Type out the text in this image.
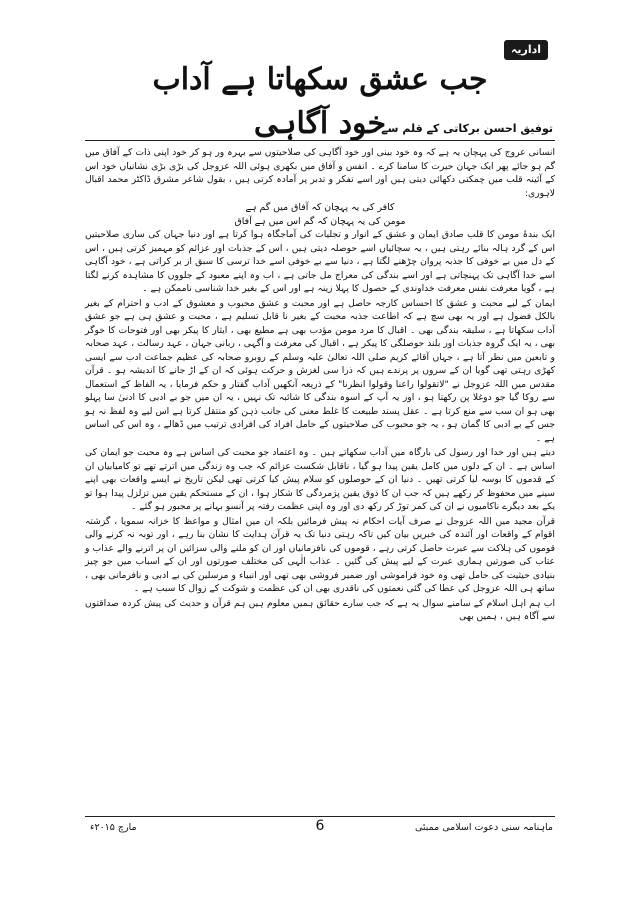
اداریہ
جب عشق سکھاتا ہے آداب خود آگاہی
توفیق احسن برکاتی کے قلم سے

انسانی عروج کی پہچان یہ ہے کہ وہ خود بینی اور خود آگاہی کی صلاحیتوں سے بہرہ ور ہو کر خود اپنی ذات کے آفاق میں گم ہو جائے پھر ایک جہان حیرت کا سامنا کرے ۔ انفس و آفاق میں بکھری ہوئی اللہ عزوجل کی بڑی بڑی نشانیاں خود اس کے آئینہ قلب میں چمکتی دکھائی دیتی ہیں اور اسے تفکر و تدبر پر آمادہ کرتی ہیں ، بقول شاعر مشرق ڈاکٹر محمد اقبال لاہوری:

کافر کی یہ پہچان کہ آفاق میں گم ہے

مومن کی یہ پہچان کہ گم اس میں ہے آفاق

ایک بندۂ مومن کا قلب صادق ایمان و عشق کے انوار و تجلیات کی آماجگاہ ہوا کرتا ہے اور دنیا جہان کی ساری صلاحیتیں اس کے گرد ہالہ بنائے رہتی ہیں ، یہ سچائیاں اسے حوصلہ دیتی ہیں ، اس کے جذبات اور عزائم کو مہمیز کرتی ہیں ، اس کے دل میں بے خوفی کا جذبہ پروان چڑھنے لگتا ہے ، دنیا سے بے خوفی اسے خدا ترسی کا سبق از بر کراتی ہے ، خود آگاہی اسے خدا آگاہی تک پہنچاتی ہے اور اسے بندگی کی معراج مل جاتی ہے ، اب وہ اپنے معبود کے جلووں کا مشاہدہ کرنے لگتا ہے ، گویا معرفت نفس معرفت خداوندی کے حصول کا پہلا زینہ ہے اور اس کے بغیر خدا شناسی ناممکن ہے ۔

ایمان کے لیے محبت و عشق کا احساس کارجہ حاصل ہے اور محبت و عشق محبوب و معشوق کے ادب و احترام کے بغیر بالکل فضول ہے اور یہ بھی سچ ہے کہ اطاعت جذبہ محبت کے بغیر نا قابل تسلیم ہے ، محبت و عشق ہی ہے جو عشق آداب سکھاتا ہے ، سلیقہ بندگی بھی ۔ اقبال کا مرد مومن مؤدب بھی ہے مطیع بھی ، ایثار کا پیکر بھی اور فتوحات کا خوگر بھی ، یہ ایک گروہ جذبات اور بلند حوصلگی کا پیکر ہے ، اقبال کی معرفت و آگہی ، ربانی جہان ، عہد رسالت ، عہد صحابہ و تابعین میں نظر آتا ہے ، جہاں آقائے کریم صلی اللہ تعالیٰ علیہ وسلم کے روبرو صحابہ کی عظیم جماعت ادب سے ایسی کھڑی رہتی تھی گویا ان کے سروں پر پرندے ہیں کہ ذرا سی لغزش و حرکت ہوئی کہ ان کے اڑ جانے کا اندیشہ ہو ۔ قرآن مقدس میں اللہ عزوجل نے "لاتقولوا راعنا وقولوا انظرنا" کے ذریعہ آنکھیں آداب گفتار و حکم فرمایا ، یہ الفاظ کے استعمال سے روکا گیا جو دوغلا پن رکھتا ہو ، اور یہ آپ کے اسوہ بندگی کا شائبہ تک نہیں ، یہ ان میں جو بے ادبی کا ادنیٰ سا پہلو بھی ہو ان سب سے منع کرتا ہے ۔ عقل پسند طبیعت کا غلط معنی کی جانب ذہن کو منتقل کرتا ہے اس لیے وہ لفظ نہ ہو جس کے بے ادبی کا گمان ہو ، یہ جو محبوب کی صلاحیتوں کے حامل افراد کی افرادی ترتیب میں ڈھالے ، وہ اس کی اساس ہے ۔

دیتے ہیں اور خدا اور رسول کی بارگاہ میں آداب سکھاتے ہیں ۔ وہ اعتماد جو محبت کی اساس ہے وہ محبت جو ایمان کی اساس ہے ۔ ان کے دلوں میں کامل یقین پیدا ہو گیا ، ناقابل شکست عزائم کہ جب وہ زندگی میں اترتے تھے تو کامیابیاں ان کے قدموں کا بوسہ لیا کرتی تھیں ۔ دنیا ان کے حوصلوں کو سلام پیش کیا کرتی تھی لیکن تاریخ نے ایسے واقعات بھی اپنے سینے میں محفوظ کر رکھے ہیں کہ جب ان کا ذوق یقین پژمردگی کا شکار ہوا ، ان کے مستحکم یقین میں تزلزل پیدا ہوا تو یکے بعد دیگرے ناکامیوں نے ان کی کمر توڑ کر رکھ دی اور وہ اپنی عظمت رفتہ پر آنسو بہانے پر مجبور ہو گئے ۔

قرآن مجید میں اللہ عزوجل نے صرف آیات احکام نہ پیش فرمائیں بلکہ ان میں امثال و مواعظ کا خزانہ سمویا ، گزشتہ اقوام کے واقعات اور آئندہ کی خبریں بیان کیں تاکہ رہتی دنیا تک یہ قرآن ہدایت کا نشان بنا رہے ، اور توبہ نہ کرنے والی قوموں کی ہلاکت سے عبرت حاصل کرتی رہے ، قوموں کی نافرمانیاں اور ان کو ملنے والی سزائیں ان پر اترنے والے عذاب و عتاب کی صورتیں ہماری عبرت کے لیے پیش کی گئیں ۔ عذاب الٰہی کی مختلف صورتوں اور ان کے اسباب میں جو چیز بنیادی حیثیت کی حامل تھی وہ خود فراموشی اور ضمیر فروشی بھی تھی اور انبیاء و مرسلین کی بے ادبی و نافرمانی بھی ، ساتھ ہی اللہ عزوجل کی عطا کی گئی نعمتوں کی ناقدری بھی ان کی عظمت و شوکت کے زوال کا سبب ہے ۔

اب ہم اہل اسلام کے سامنے سوال یہ ہے کہ جب سارے حقائق ہمیں معلوم ہیں ہم قرآن و حدیث کی پیش کردہ صداقتوں سے آگاہ ہیں ، ہمیں بھی

ماہنامہ سنی دعوت اسلامی ممبئی
6
مارچ ۲۰۱۵ء
